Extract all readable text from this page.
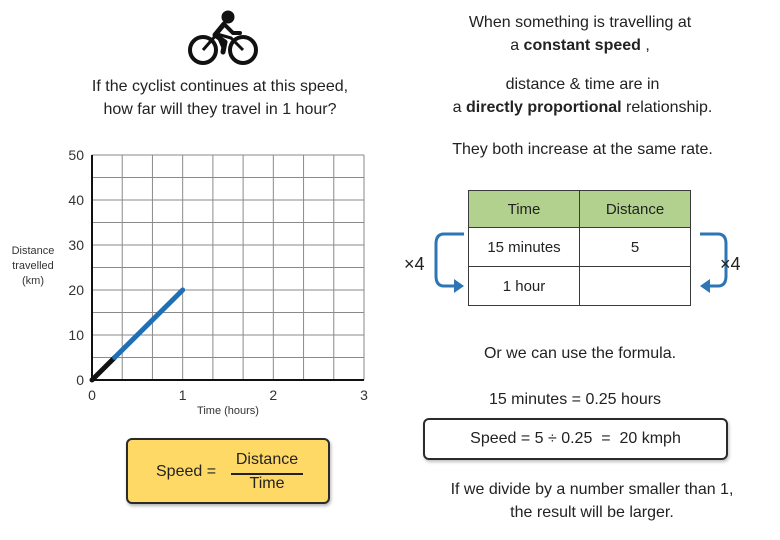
When something is travelling at
a constant speed ,
If the cyclist continues at this speed,
how far will they travel in 1 hour?
distance & time are in
a directly proportional relationship.
They both increase at the same rate.
0	1	2	3
0
10
20
30
40
50
Time (hours)
Distance
travelled
(km)
Time	Distance
15 minutes	5
1 hour	
×4	×4
Or we can use the formula.
15 minutes = 0.25 hours
Speed = 5 ÷ 0.25  =  20 kmph
If we divide by a number smaller than 1,
the result will be larger.
Speed =
Distance
Time
